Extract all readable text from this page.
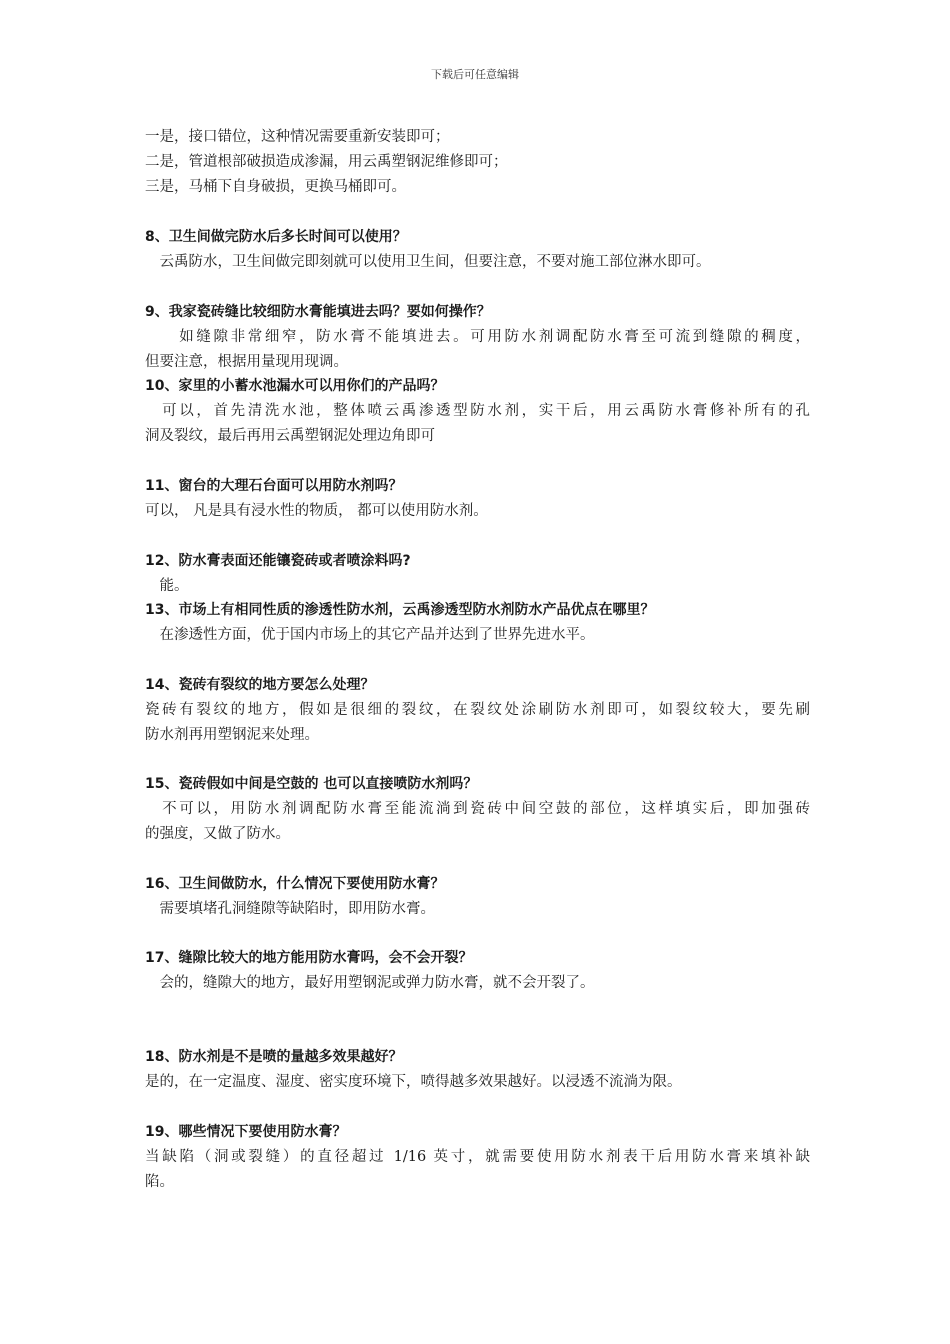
下载后可任意编辑
一是，接口错位，这种情况需要重新安装即可；
二是，管道根部破损造成渗漏，用云禹塑钢泥维修即可；
三是，马桶下自身破损，更换马桶即可。
8、卫生间做完防水后多长时间可以使用？
　云禹防水，卫生间做完即刻就可以使用卫生间，但要注意，不要对施工部位淋水即可。
9、我家瓷砖缝比较细防水膏能填进去吗？要如何操作？
　　如缝隙非常细窄，防水膏不能填进去。可用防水剂调配防水膏至可流到缝隙的稠度，
但要注意，根据用量现用现调。
10、家里的小蓄水池漏水可以用你们的产品吗？
　可以，首先清洗水池，整体喷云禹渗透型防水剂，实干后，用云禹防水膏修补所有的孔
洞及裂纹，最后再用云禹塑钢泥处理边角即可
11、窗台的大理石台面可以用防水剂吗？
可以， 凡是具有浸水性的物质， 都可以使用防水剂。
12、防水膏表面还能镶瓷砖或者喷涂料吗?
　能。
13、市场上有相同性质的渗透性防水剂，云禹渗透型防水剂防水产品优点在哪里？
　在渗透性方面，优于国内市场上的其它产品并达到了世界先进水平。
14、瓷砖有裂纹的地方要怎么处理？
瓷砖有裂纹的地方，假如是很细的裂纹，在裂纹处涂刷防水剂即可，如裂纹较大，要先刷
防水剂再用塑钢泥来处理。
15、瓷砖假如中间是空鼓的 也可以直接喷防水剂吗？
　不可以，用防水剂调配防水膏至能流淌到瓷砖中间空鼓的部位，这样填实后，即加强砖
的强度，又做了防水。
16、卫生间做防水，什么情况下要使用防水膏？
　需要填堵孔洞缝隙等缺陷时，即用防水膏。
17、缝隙比较大的地方能用防水膏吗，会不会开裂？
　会的，缝隙大的地方，最好用塑钢泥或弹力防水膏，就不会开裂了。
18、防水剂是不是喷的量越多效果越好？
是的，在一定温度、湿度、密实度环境下，喷得越多效果越好。以浸透不流淌为限。
19、哪些情况下要使用防水膏？
当缺陷（洞或裂缝）的直径超过 1/16 英寸，就需要使用防水剂表干后用防水膏来填补缺
陷。
